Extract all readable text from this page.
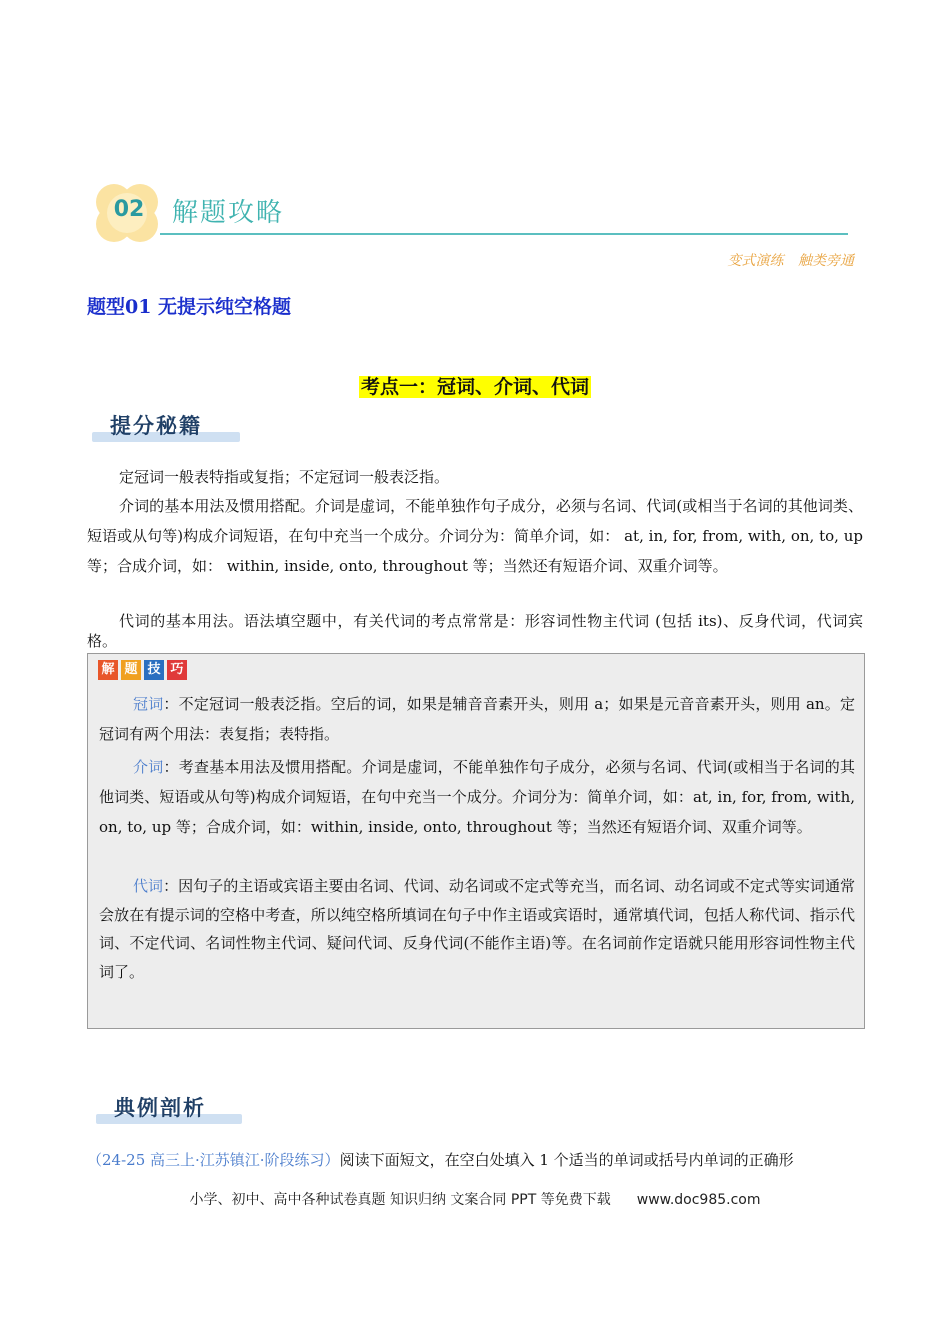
02	解题攻略
变式演练 触类旁通
题型01 无提示纯空格题
考点一：冠词、介词、代词
提分秘籍

定冠词一般表特指或复指；不定冠词一般表泛指。

介词的基本用法及惯用搭配。介词是虚词，不能单独作句子成分，必须与名词、代词(或相当于名词的其他词类、短语或从句等)构成介词短语，在句中充当一个成分。介词分为：简单介词，如： at, in, for, from, with, on, to, up 等；合成介词，如： within, inside, onto, throughout 等；当然还有短语介词、双重介词等。

代词的基本用法。语法填空题中，有关代词的考点常常是：形容词性物主代词 (包括 its)、反身代词，代词宾格。

解 题 技 巧

冠词：不定冠词一般表泛指。空后的词，如果是辅音音素开头，则用 a；如果是元音音素开头，则用 an。定冠词有两个用法：表复指；表特指。

介词：考查基本用法及惯用搭配。介词是虚词，不能单独作句子成分，必须与名词、代词(或相当于名词的其他词类、短语或从句等)构成介词短语，在句中充当一个成分。介词分为：简单介词，如：at, in, for, from, with, on, to, up 等；合成介词，如：within, inside, onto, throughout 等；当然还有短语介词、双重介词等。

代词：因句子的主语或宾语主要由名词、代词、动名词或不定式等充当，而名词、动名词或不定式等实词通常会放在有提示词的空格中考查，所以纯空格所填词在句子中作主语或宾语时，通常填代词，包括人称代词、指示代词、不定代词、名词性物主代词、疑问代词、反身代词(不能作主语)等。在名词前作定语就只能用形容词性物主代词了。

典例剖析
（24-25 高三上·江苏镇江·阶段练习）阅读下面短文，在空白处填入 1 个适当的单词或括号内单词的正确形
小学、初中、高中各种试卷真题 知识归纳 文案合同 PPT 等免费下载 www.doc985.com
